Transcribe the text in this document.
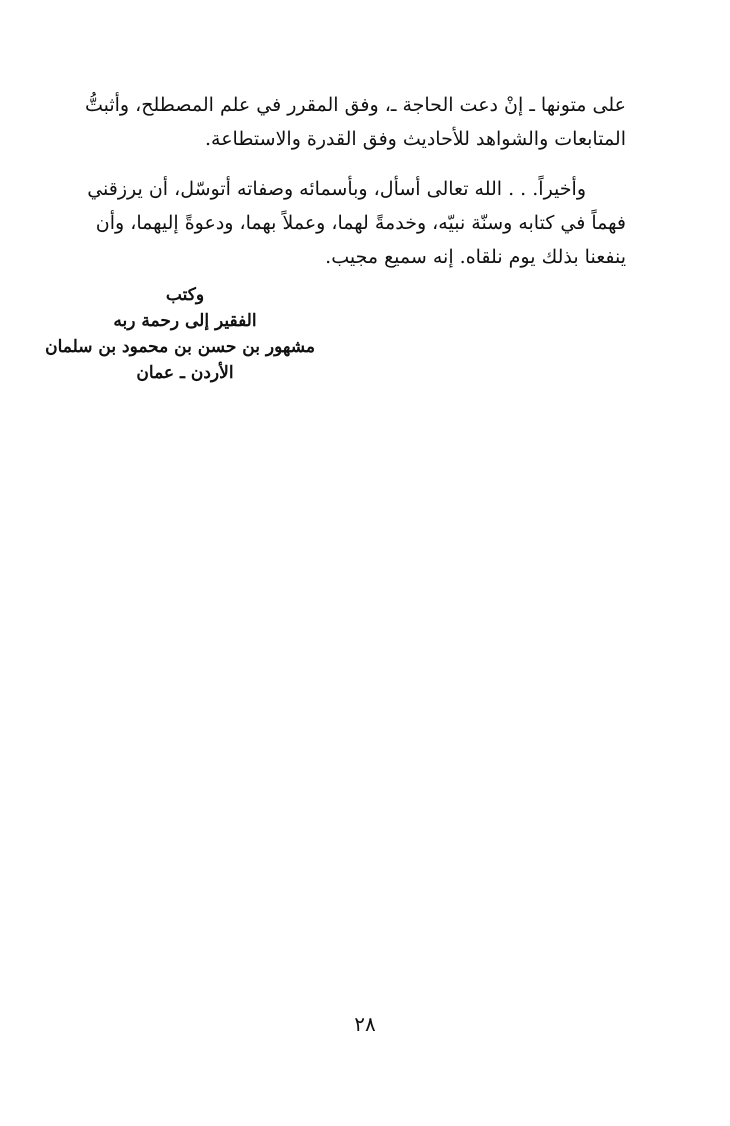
على متونها ـ إنْ دعت الحاجة ـ، وفق المقرر في علم المصطلح، وأثبتُّ
المتابعات والشواهد للأحاديث وفق القدرة والاستطاعة.
وأخيراً. . . الله تعالى أسأل، وبأسمائه وصفاته أتوسّل، أن يرزقني
فهماً في كتابه وسنّة نبيّه، وخدمةً لهما، وعملاً بهما، ودعوةً إليهما، وأن
ينفعنا بذلك يوم نلقاه. إنه سميع مجيب.
وكتب
الفقير إلى رحمة ربه
مشهور بن حسن بن محمود بن سلمان
الأردن ـ عمان
٢٨
